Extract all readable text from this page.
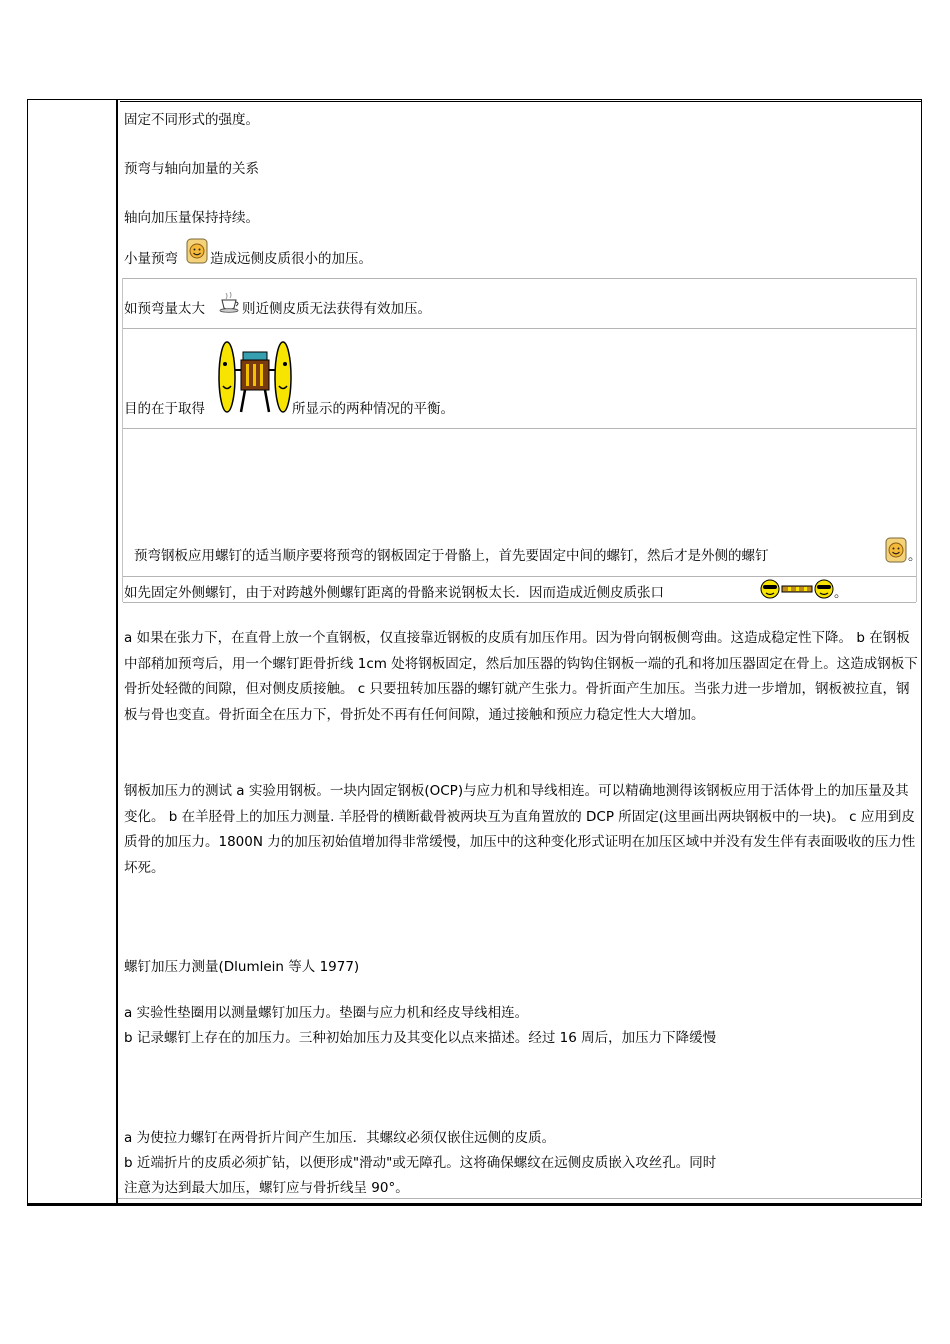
固定不同形式的强度。
预弯与轴向加量的关系
轴向加压量保持持续。
小量预弯 造成远侧皮质很小的加压。
如预弯量太大	则近侧皮质无法获得有效加压。
目的在于取得	所显示的两种情况的平衡。
预弯钢板应用螺钉的适当顺序要将预弯的钢板固定于骨骼上，首先要固定中间的螺钉，然后才是外侧的螺钉	。
如先固定外侧螺钉，由于对跨越外侧螺钉距离的骨骼来说钢板太长．因而造成近侧皮质张口	。
a 如果在张力下，在直骨上放一个直钢板，仅直接靠近钢板的皮质有加压作用。因为骨向钢板侧弯曲。这造成稳定性下降。 b 在钢板中部稍加预弯后，用一个螺钉距骨折线 1cm 处将钢板固定，然后加压器的钩钩住钢板一端的孔和将加压器固定在骨上。这造成钢板下骨折处轻微的间隙，但对侧皮质接触。 c 只要扭转加压器的螺钉就产生张力。骨折面产生加压。当张力进一步增加，钢板被拉直，钢板与骨也变直。骨折面全在压力下，骨折处不再有任何间隙，通过接触和预应力稳定性大大增加。
钢板加压力的测试 a 实验用钢板。一块内固定钢板(OCP)与应力机和导线相连。可以精确地测得该钢板应用于活体骨上的加压量及其变化。 b 在羊胫骨上的加压力测量. 羊胫骨的横断截骨被两块互为直角置放的 DCP 所固定(这里画出两块钢板中的一块)。 c 应用到皮质骨的加压力。1800N 力的加压初始值增加得非常缓慢，加压中的这种变化形式证明在加压区域中并没有发生伴有表面吸收的压力性坏死。
螺钉加压力测量(Dlumlein 等人 1977)
a 实验性垫圈用以测量螺钉加压力。垫圈与应力机和经皮导线相连。
b 记录螺钉上存在的加压力。三种初始加压力及其变化以点来描述。经过 16 周后，加压力下降缓慢
a 为使拉力螺钉在两骨折片间产生加压．其螺纹必须仅嵌住远侧的皮质。
b 近端折片的皮质必须扩钻，以便形成"滑动"或无障孔。这将确保螺纹在远侧皮质嵌入攻丝孔。同时
注意为达到最大加压，螺钉应与骨折线呈 90°。
